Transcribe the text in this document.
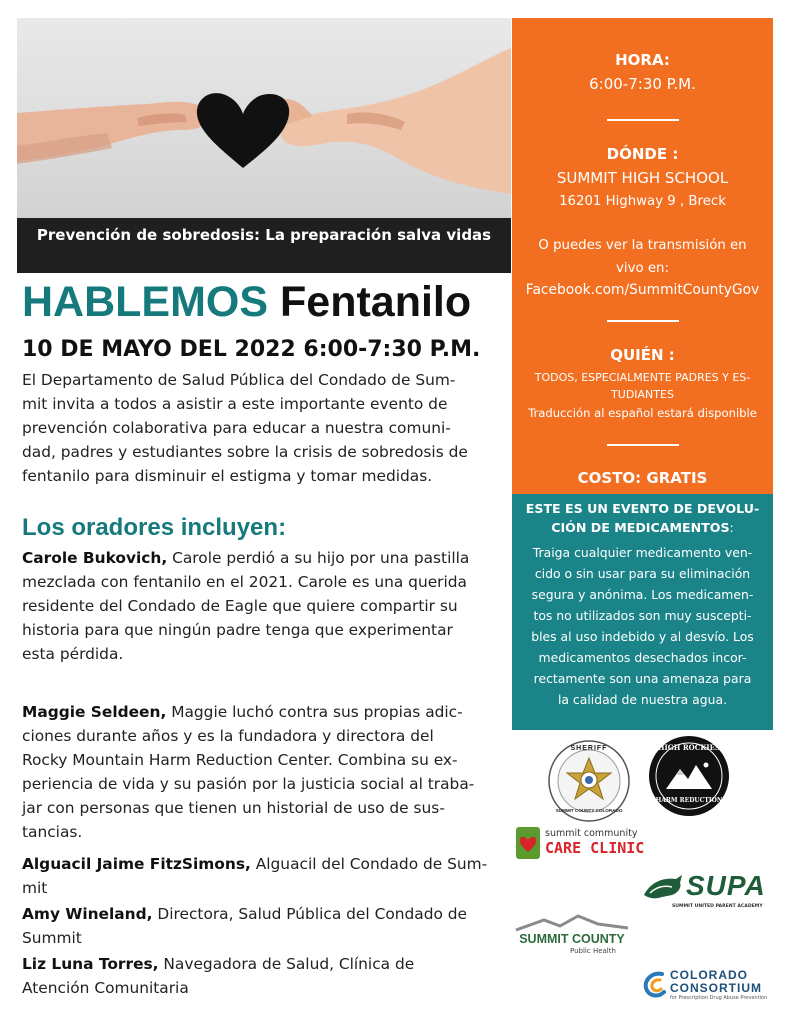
Prevención de sobredosis: La preparación salva vidas
HABLEMOS Fentanilo
10 DE MAYO DEL 2022 6:00-7:30 P.M.
El Departamento de Salud Pública del Condado de Sum-
mit invita a todos a asistir a este importante evento de
prevención colaborativa para educar a nuestra comuni-
dad, padres y estudiantes sobre la crisis de sobredosis de
fentanilo para disminuir el estigma y tomar medidas.
Los oradores incluyen:
Carole Bukovich, Carole perdió a su hijo por una pastilla
mezclada con fentanilo en el 2021. Carole es una querida
residente del Condado de Eagle que quiere compartir su
historia para que ningún padre tenga que experimentar
esta pérdida.
Maggie Seldeen, Maggie luchó contra sus propias adic-
ciones durante años y es la fundadora y directora del
Rocky Mountain Harm Reduction Center. Combina su ex-
periencia de vida y su pasión por la justicia social al traba-
jar con personas que tienen un historial de uso de sus-
tancias.
Alguacil Jaime FitzSimons, Alguacil del Condado de Sum-
mit
Amy Wineland, Directora, Salud Pública del Condado de
Summit
Liz Luna Torres, Navegadora de Salud, Clínica de
Atención Comunitaria
HORA:
6:00-7:30 P.M.
DÓNDE :
SUMMIT HIGH SCHOOL
16201 Highway 9 , Breck
O puedes ver la transmisión en
vivo en:
Facebook.com/SummitCountyGov
QUIÉN :
TODOS, ESPECIALMENTE PADRES Y ES-
TUDIANTES
Traducción al español estará disponible
COSTO: GRATIS
ESTE ES UN EVENTO DE DEVOLU-
CIÓN DE MEDICAMENTOS:
Traiga cualquier medicamento ven-
cido o sin usar para su eliminación
segura y anónima. Los medicamen-
tos no utilizados son muy suscepti-
bles al uso indebido y al desvío. Los
medicamentos desechados incor-
rectamente son una amenaza para
la calidad de nuestra agua.
SHERIFF
SUMMIT COUNTY COLORADO
HIGH ROCKIES
HARM REDUCTION
summit community
CARE CLINIC
SUPA
SUMMIT UNITED PARENT ACADEMY
SUMMIT COUNTY
Public Health
COLORADO
CONSORTIUM
for Prescription Drug Abuse Prevention
